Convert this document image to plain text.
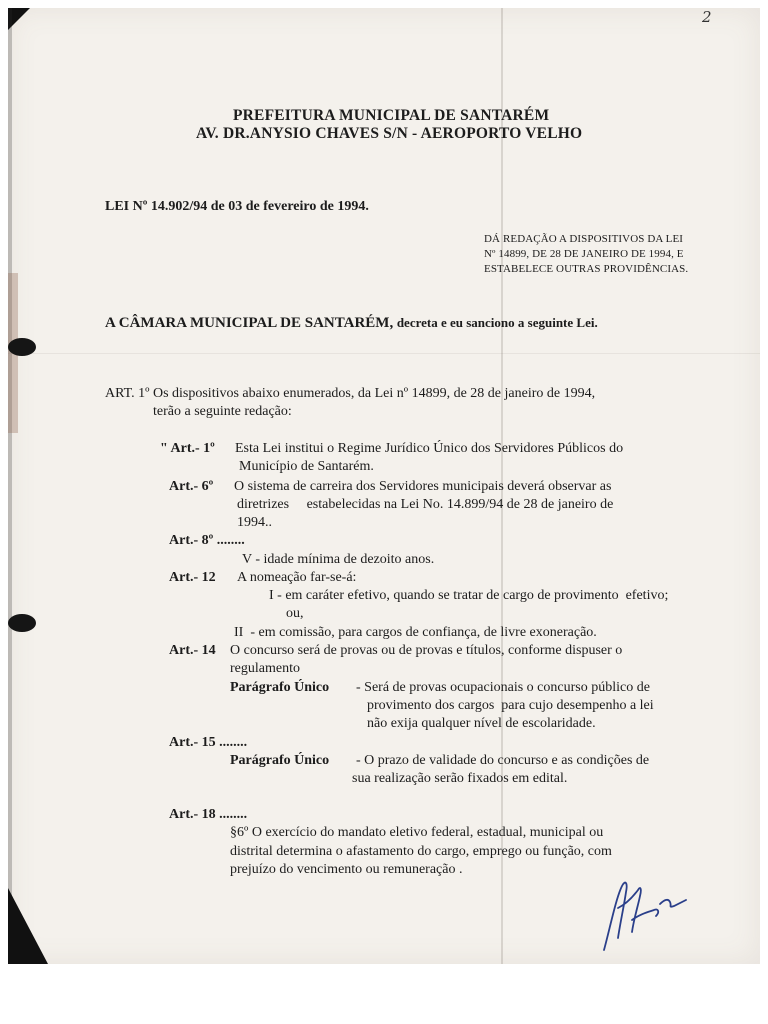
2
PREFEITURA MUNICIPAL DE SANTARÉM
AV. DR.ANYSIO CHAVES S/N - AEROPORTO VELHO
LEI Nº 14.902/94 de 03 de fevereiro de 1994.
DÁ REDAÇÃO A DISPOSITIVOS DA LEI
Nº 14899, DE 28 DE JANEIRO DE 1994, E
ESTABELECE OUTRAS PROVIDÊNCIAS.
A CÂMARA MUNICIPAL DE SANTARÉM, decreta e eu sanciono a seguinte Lei.
ART. 1º Os dispositivos abaixo enumerados, da Lei nº 14899, de 28 de janeiro de 1994,
terão a seguinte redação:
" Art.- 1º Esta Lei institui o Regime Jurídico Único dos Servidores Públicos do
Município de Santarém.
Art.- 6º O sistema de carreira dos Servidores municipais deverá observar as
diretrizes     estabelecidas na Lei No. 14.899/94 de 28 de janeiro de
1994..
Art.- 8º ........
V - idade mínima de dezoito anos.
Art.- 12 A nomeação far-se-á:
I - em caráter efetivo, quando se tratar de cargo de provimento  efetivo;
ou,
II  - em comissão, para cargos de confiança, de livre exoneração.
Art.- 14 O concurso será de provas ou de provas e títulos, conforme dispuser o
regulamento
Parágrafo Único - Será de provas ocupacionais o concurso público de
provimento dos cargos  para cujo desempenho a lei
não exija qualquer nível de escolaridade.
Art.- 15 ........
Parágrafo Único - O prazo de validade do concurso e as condições de
sua realização serão fixados em edital.
Art.- 18 ........
§6º O exercício do mandato eletivo federal, estadual, municipal ou
distrital determina o afastamento do cargo, emprego ou função, com
prejuízo do vencimento ou remuneração .
